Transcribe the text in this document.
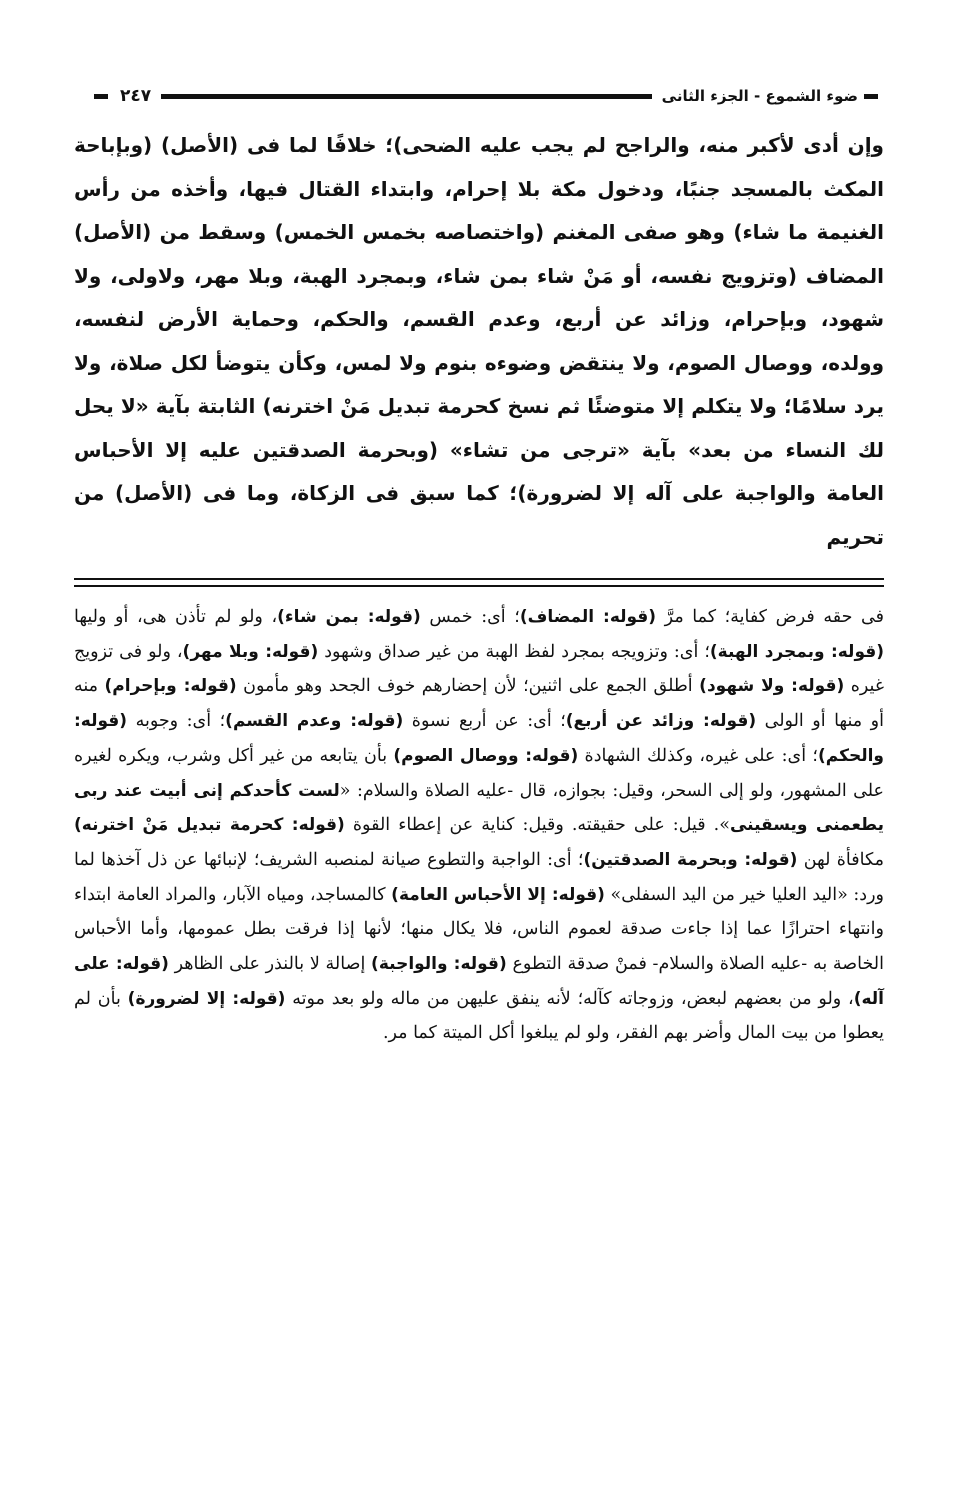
٢٤٧	ضوء الشموع - الجزء الثانى

وإن أدى لأكبر منه، والراجح لم يجب عليه الضحى)؛ خلافًا لما فى (الأصل) (وبإباحة المكث بالمسجد جنبًا، ودخول مكة بلا إحرام، وابتداء القتال فيها، وأخذه من رأس الغنيمة ما شاء) وهو صفى المغنم (واختصاصه بخمس الخمس) وسقط من (الأصل) المضاف (وتزويج نفسه، أو مَنْ شاء بمن شاء، وبمجرد الهبة، وبلا مهر، ولاولى، ولا شهود، وبإحرام، وزائد عن أربع، وعدم القسم، والحكم، وحماية الأرض لنفسه، وولده، ووصال الصوم، ولا ينتقض وضوءه بنوم ولا لمس، وكأن يتوضأ لكل صلاة، ولا يرد سلامًا؛ ولا يتكلم إلا متوضئًا ثم نسخ كحرمة تبديل مَنْ اخترنه) الثابتة بآية «لا يحل لك النساء من بعد» بآية «ترجى من تشاء» (وبحرمة الصدقتين عليه إلا الأحباس العامة والواجبة على آله إلا لضرورة)؛ كما سبق فى الزكاة، وما فى (الأصل) من تحريم

فى حقه فرض كفاية؛ كما مرَّ (قوله: المضاف)؛ أى: خمس (قوله: بمن شاء)، ولو لم تأذن هى، أو وليها (قوله: وبمجرد الهبة)؛ أى: وتزويجه بمجرد لفظ الهبة من غير صداق وشهود (قوله: وبلا مهر)، ولو فى تزويج غيره (قوله: ولا شهود) أطلق الجمع على اثنين؛ لأن إحضارهم خوف الجحد وهو مأمون (قوله: وبإحرام) منه أو منها أو الولى (قوله: وزائد عن أربع)؛ أى: عن أربع نسوة (قوله: وعدم القسم)؛ أى: وجوبه (قوله: والحكم)؛ أى: على غيره، وكذلك الشهادة (قوله: ووصال الصوم) بأن يتابعه من غير أكل وشرب، ويكره لغيره على المشهور، ولو إلى السحر، وقيل: بجوازه، قال -عليه الصلاة والسلام: «لست كأحدكم إنى أبيت عند ربى يطعمنى ويسقينى». قيل: على حقيقته. وقيل: كناية عن إعطاء القوة (قوله: كحرمة تبديل مَنْ اخترنه) مكافأة لهن (قوله: وبحرمة الصدقتين)؛ أى: الواجبة والتطوع صيانة لمنصبه الشريف؛ لإنبائها عن ذل آخذها لما ورد: «اليد العليا خير من اليد السفلى» (قوله: إلا الأحباس العامة) كالمساجد، ومياه الآبار، والمراد العامة ابتداء وانتهاء احترازًا عما إذا جاءت صدقة لعموم الناس، فلا يكال منها؛ لأنها إذا فرقت بطل عمومها، وأما الأحباس الخاصة به -عليه الصلاة والسلام- فمنْ صدقة التطوع (قوله: والواجبة) إصالة لا بالنذر على الظاهر (قوله: على آله)، ولو من بعضهم لبعض، وزوجاته كآله؛ لأنه ينفق عليهن من ماله ولو بعد موته (قوله: إلا لضرورة) بأن لم يعطوا من بيت المال وأضر بهم الفقر، ولو لم يبلغوا أكل الميتة كما مر.
